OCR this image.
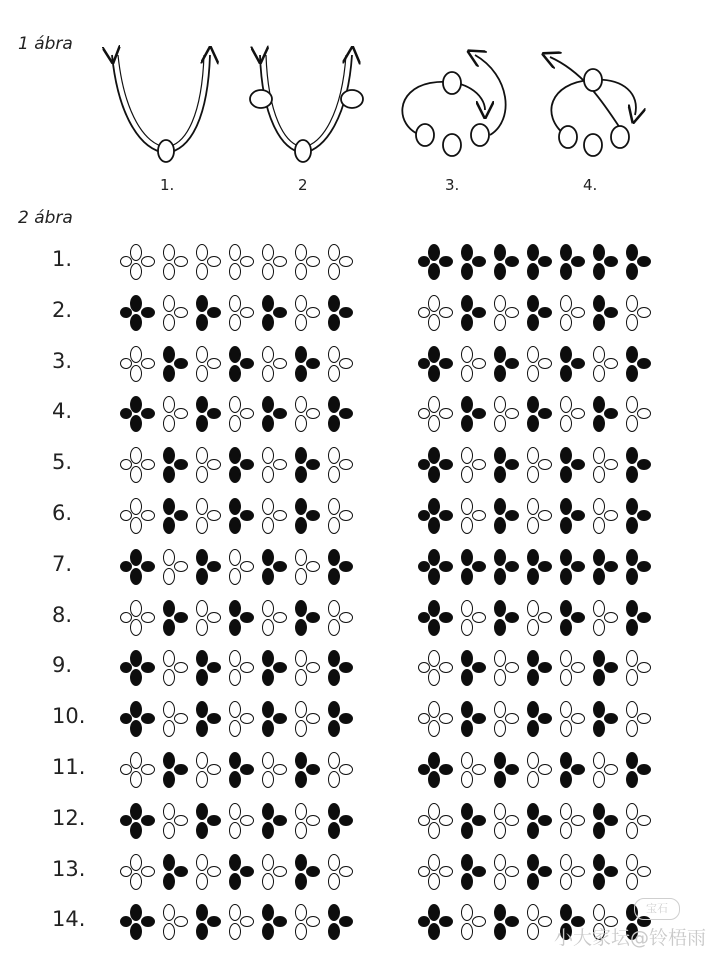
1 ábra
1.	2	3.	4.
2 ábra
1.
2.
3.
4.
5.
6.
7.
8.
9.
10.
11.
12.
13.
14.	宝石
小大家坛@铃梧雨
